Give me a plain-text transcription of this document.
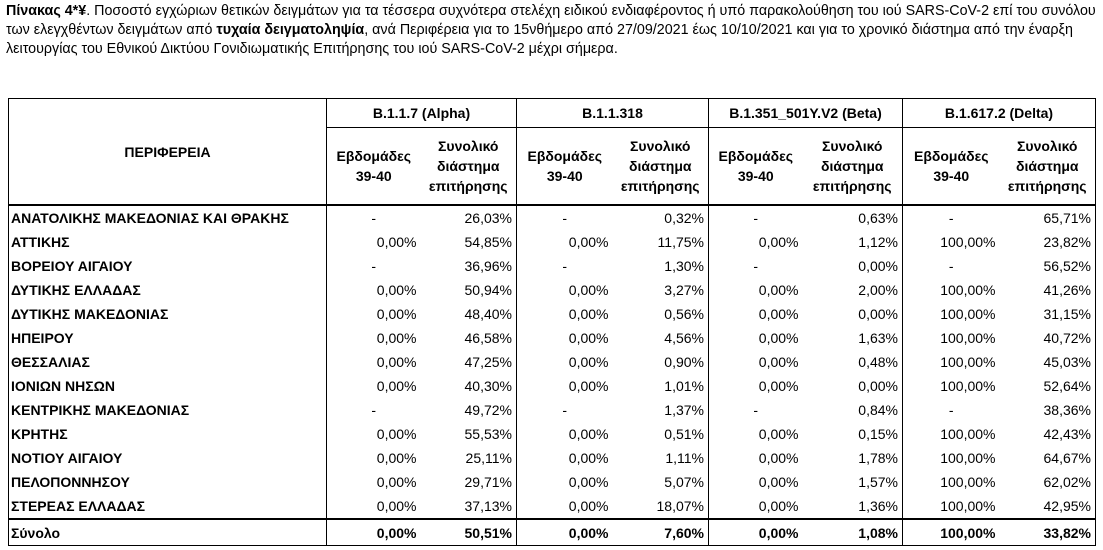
Πίνακας 4*¥. Ποσοστό εγχώριων θετικών δειγμάτων για τα τέσσερα συχνότερα στελέχη ειδικού ενδιαφέροντος ή υπό παρακολούθηση του ιού SARS-CoV-2 επί του συνόλου των ελεγχθέντων δειγμάτων από τυχαία δειγματοληψία, ανά Περιφέρεια για το 15νθήμερο από 27/09/2021 έως 10/10/2021 και για το χρονικό διάστημα από την έναρξη λειτουργίας του Εθνικού Δικτύου Γονιδιωματικής Επιτήρησης του ιού SARS-CoV-2 μέχρι σήμερα.
ΠΕΡΙΦΕΡΕΙΑ	B.1.1.7 (Alpha)		B.1.1.318		B.1.351_501Y.V2 (Beta)		B.1.617.2 (Delta)	
	Εβδομάδες 39-40	Συνολικό διάστημα επιτήρησης	Εβδομάδες 39-40	Συνολικό διάστημα επιτήρησης	Εβδομάδες 39-40	Συνολικό διάστημα επιτήρησης	Εβδομάδες 39-40	Συνολικό διάστημα επιτήρησης
ΑΝΑΤΟΛΙΚΗΣ ΜΑΚΕΔΟΝΙΑΣ ΚΑΙ ΘΡΑΚΗΣ	-	26,03%	-	0,32%	-	0,63%	-	65,71%
ΑΤΤΙΚΗΣ	0,00%	54,85%	0,00%	11,75%	0,00%	1,12%	100,00%	23,82%
ΒΟΡΕΙΟΥ ΑΙΓΑΙΟΥ	-	36,96%	-	1,30%	-	0,00%	-	56,52%
ΔΥΤΙΚΗΣ ΕΛΛΑΔΑΣ	0,00%	50,94%	0,00%	3,27%	0,00%	2,00%	100,00%	41,26%
ΔΥΤΙΚΗΣ ΜΑΚΕΔΟΝΙΑΣ	0,00%	48,40%	0,00%	0,56%	0,00%	0,00%	100,00%	31,15%
ΗΠΕΙΡΟΥ	0,00%	46,58%	0,00%	4,56%	0,00%	1,63%	100,00%	40,72%
ΘΕΣΣΑΛΙΑΣ	0,00%	47,25%	0,00%	0,90%	0,00%	0,48%	100,00%	45,03%
ΙΟΝΙΩΝ ΝΗΣΩΝ	0,00%	40,30%	0,00%	1,01%	0,00%	0,00%	100,00%	52,64%
ΚΕΝΤΡΙΚΗΣ ΜΑΚΕΔΟΝΙΑΣ	-	49,72%	-	1,37%	-	0,84%	-	38,36%
ΚΡΗΤΗΣ	0,00%	55,53%	0,00%	0,51%	0,00%	0,15%	100,00%	42,43%
ΝΟΤΙΟΥ ΑΙΓΑΙΟΥ	0,00%	25,11%	0,00%	1,11%	0,00%	1,78%	100,00%	64,67%
ΠΕΛΟΠΟΝΝΗΣΟΥ	0,00%	29,71%	0,00%	5,07%	0,00%	1,57%	100,00%	62,02%
ΣΤΕΡΕΑΣ ΕΛΛΑΔΑΣ	0,00%	37,13%	0,00%	18,07%	0,00%	1,36%	100,00%	42,95%
Σύνολο	0,00%	50,51%	0,00%	7,60%	0,00%	1,08%	100,00%	33,82%
